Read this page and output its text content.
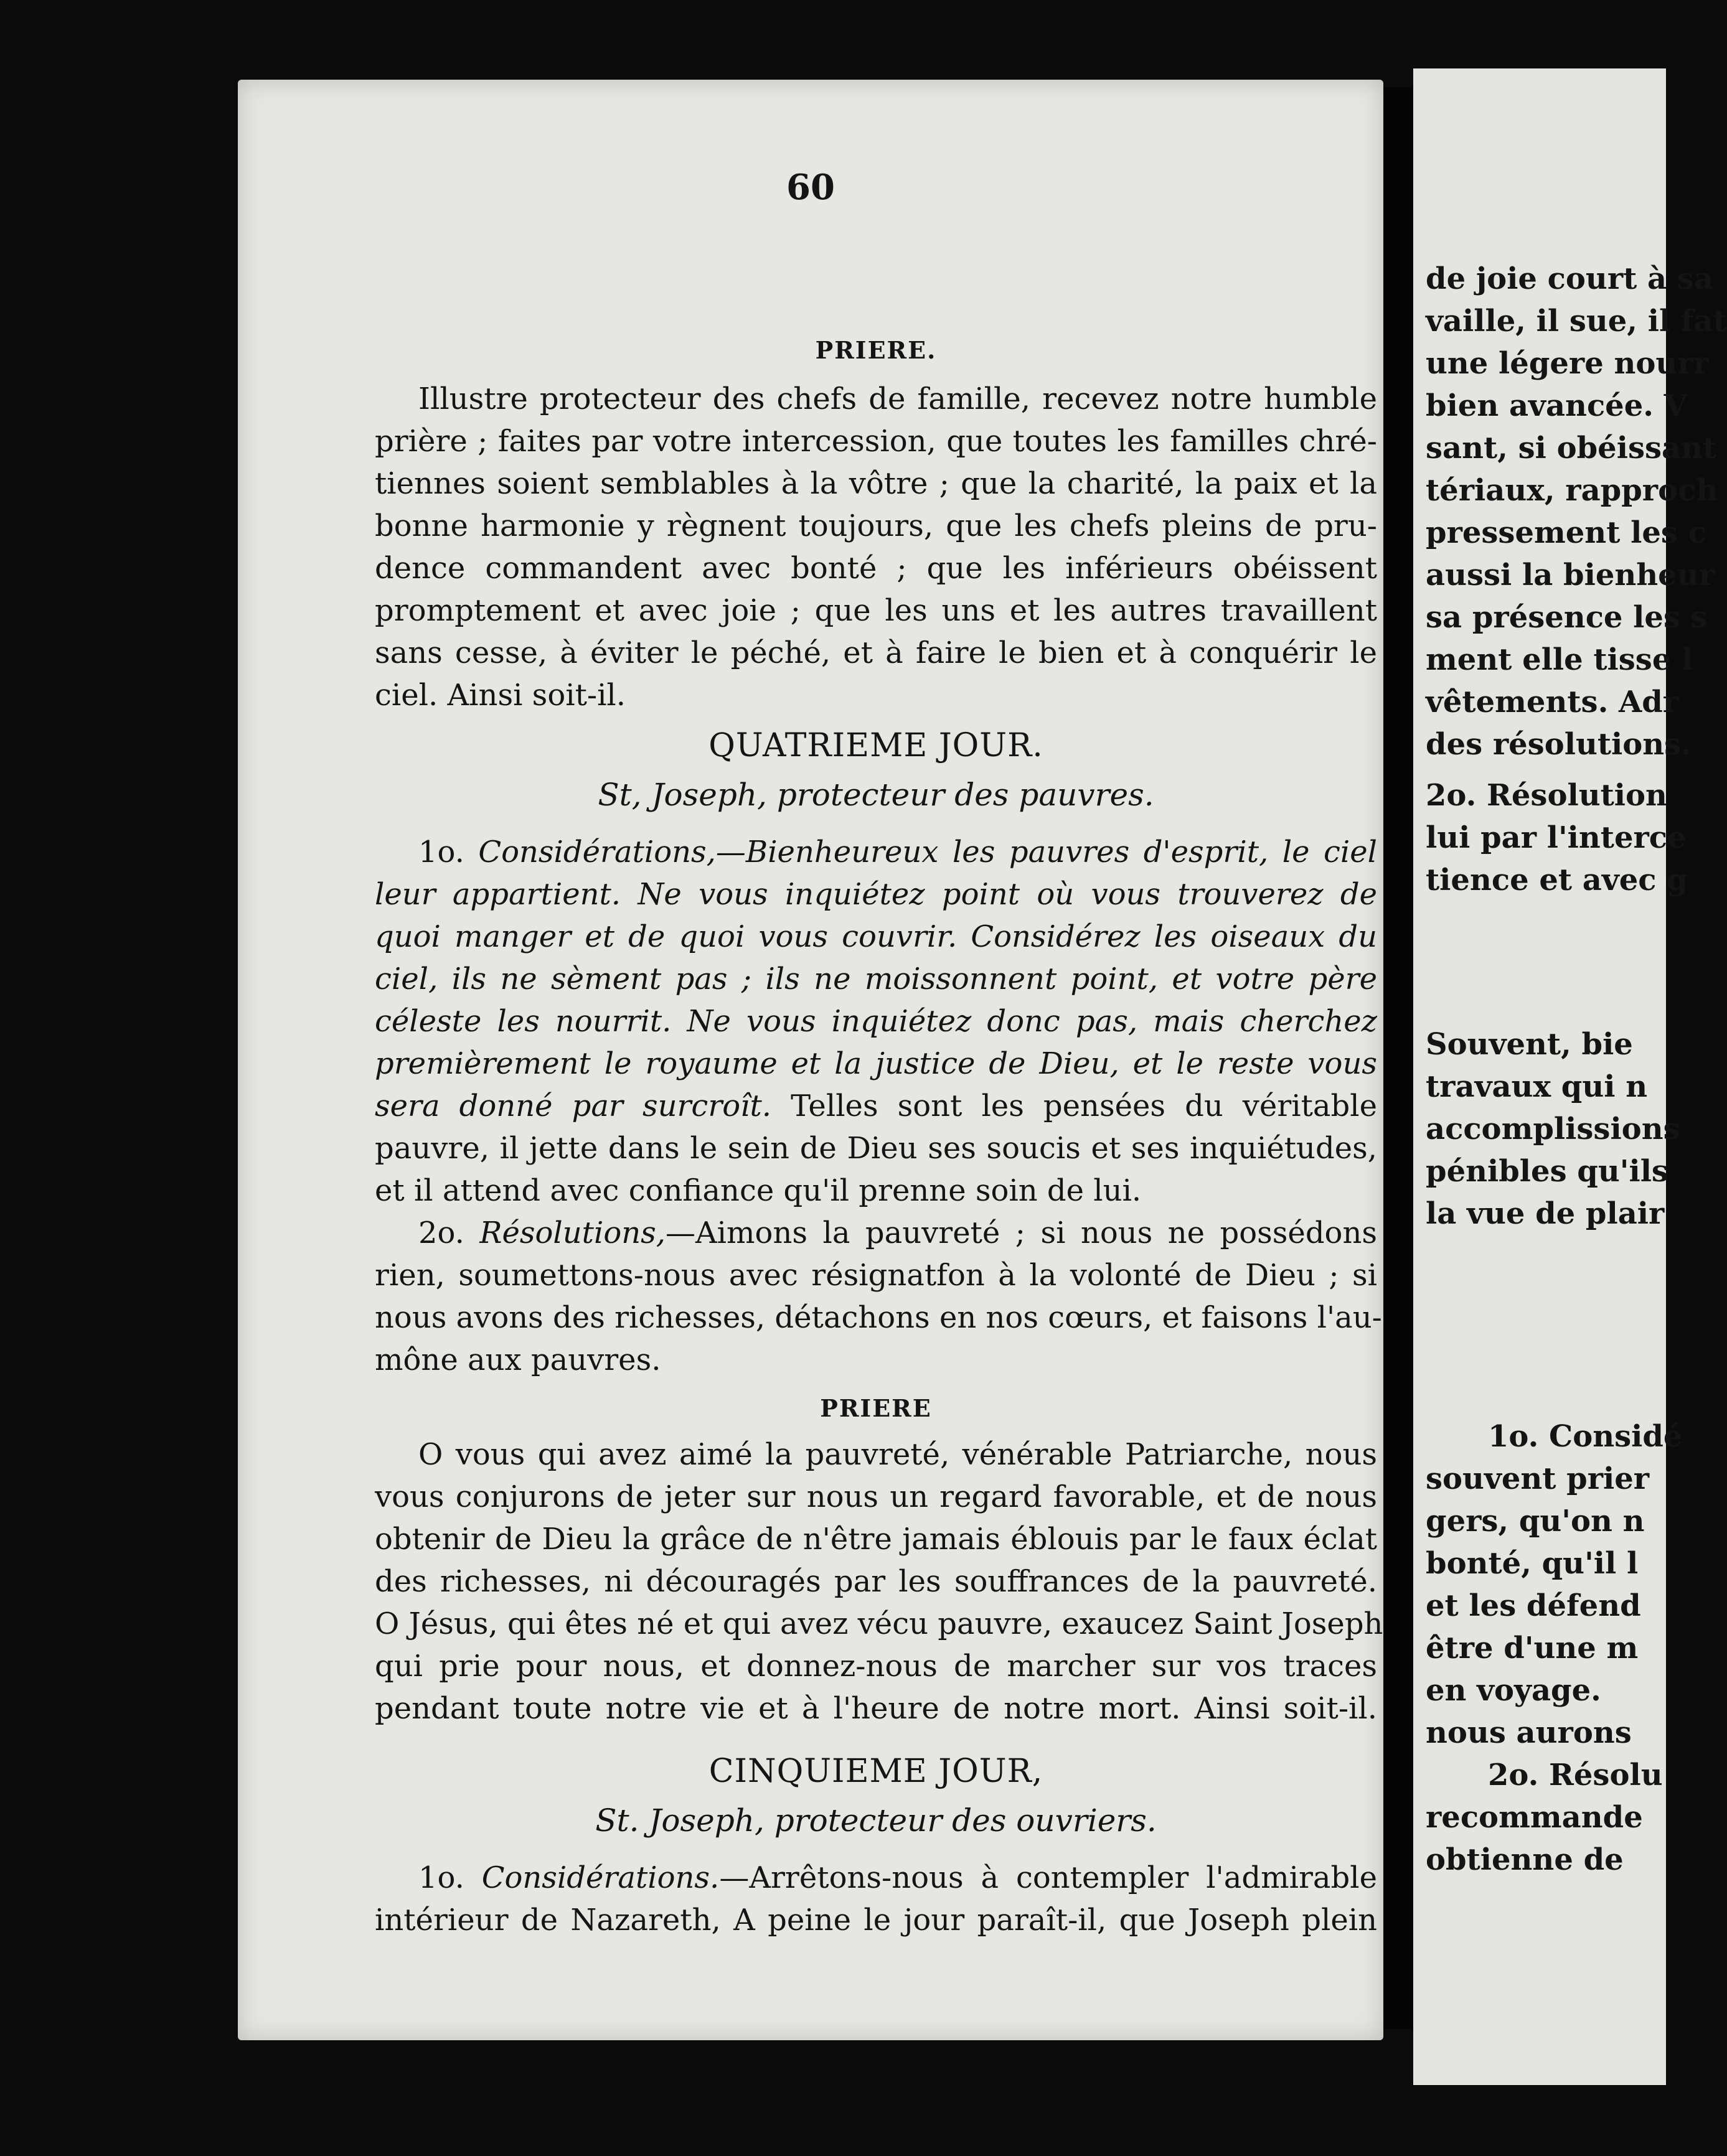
60
PRIERE.
Illustre protecteur des chefs de famille, recevez notre humble
prière ; faites par votre intercession, que toutes les familles chré-
tiennes soient semblables à la vôtre ; que la charité, la paix et la
bonne harmonie y règnent toujours, que les chefs pleins de pru-
dence commandent avec bonté ; que les inférieurs obéissent
promptement et avec joie ; que les uns et les autres travaillent
sans cesse, à éviter le péché, et à faire le bien et à conquérir le
ciel. Ainsi soit-il.
QUATRIEME JOUR.
St, Joseph, protecteur des pauvres.
1o. Considérations,—Bienheureux les pauvres d'esprit, le ciel
leur appartient. Ne vous inquiétez point où vous trouverez de
quoi manger et de quoi vous couvrir. Considérez les oiseaux du
ciel, ils ne sèment pas ; ils ne moissonnent point, et votre père
céleste les nourrit. Ne vous inquiétez donc pas, mais cherchez
premièrement le royaume et la justice de Dieu, et le reste vous
sera donné par surcroît. Telles sont les pensées du véritable
pauvre, il jette dans le sein de Dieu ses soucis et ses inquiétudes,
et il attend avec confiance qu'il prenne soin de lui.
2o. Résolutions,—Aimons la pauvreté ; si nous ne possédons
rien, soumettons-nous avec résignatfon à la volonté de Dieu ; si
nous avons des richesses, détachons en nos cœurs, et faisons l'au-
mône aux pauvres.
PRIERE
O vous qui avez aimé la pauvreté, vénérable Patriarche, nous
vous conjurons de jeter sur nous un regard favorable, et de nous
obtenir de Dieu la grâce de n'être jamais éblouis par le faux éclat
des richesses, ni découragés par les souffrances de la pauvreté.
O Jésus, qui êtes né et qui avez vécu pauvre, exaucez Saint Joseph
qui prie pour nous, et donnez-nous de marcher sur vos traces
pendant toute notre vie et à l'heure de notre mort. Ainsi soit-il.
CINQUIEME JOUR,
St. Joseph, protecteur des ouvriers.
1o. Considérations.—Arrêtons-nous à contempler l'admirable
intérieur de Nazareth, A peine le jour paraît-il, que Joseph plein
de joie court à sa
vaille, il sue, il fat
une légere nourr
bien avancée. V
sant, si obéissant
tériaux, rapproch
pressement les c
aussi la bienheur
sa présence les s
ment elle tisse l
vêtements. Adr
des résolutions.
2o. Résolution
lui par l'interce
tience et avec g
Souvent, bie
travaux qui n
accomplissions
pénibles qu'ils
la vue de plair
1o. Considé
souvent prier
gers, qu'on n
bonté, qu'il l
et les défend
être d'une m
en voyage.
nous aurons
2o. Résolu
recommande
obtienne de
